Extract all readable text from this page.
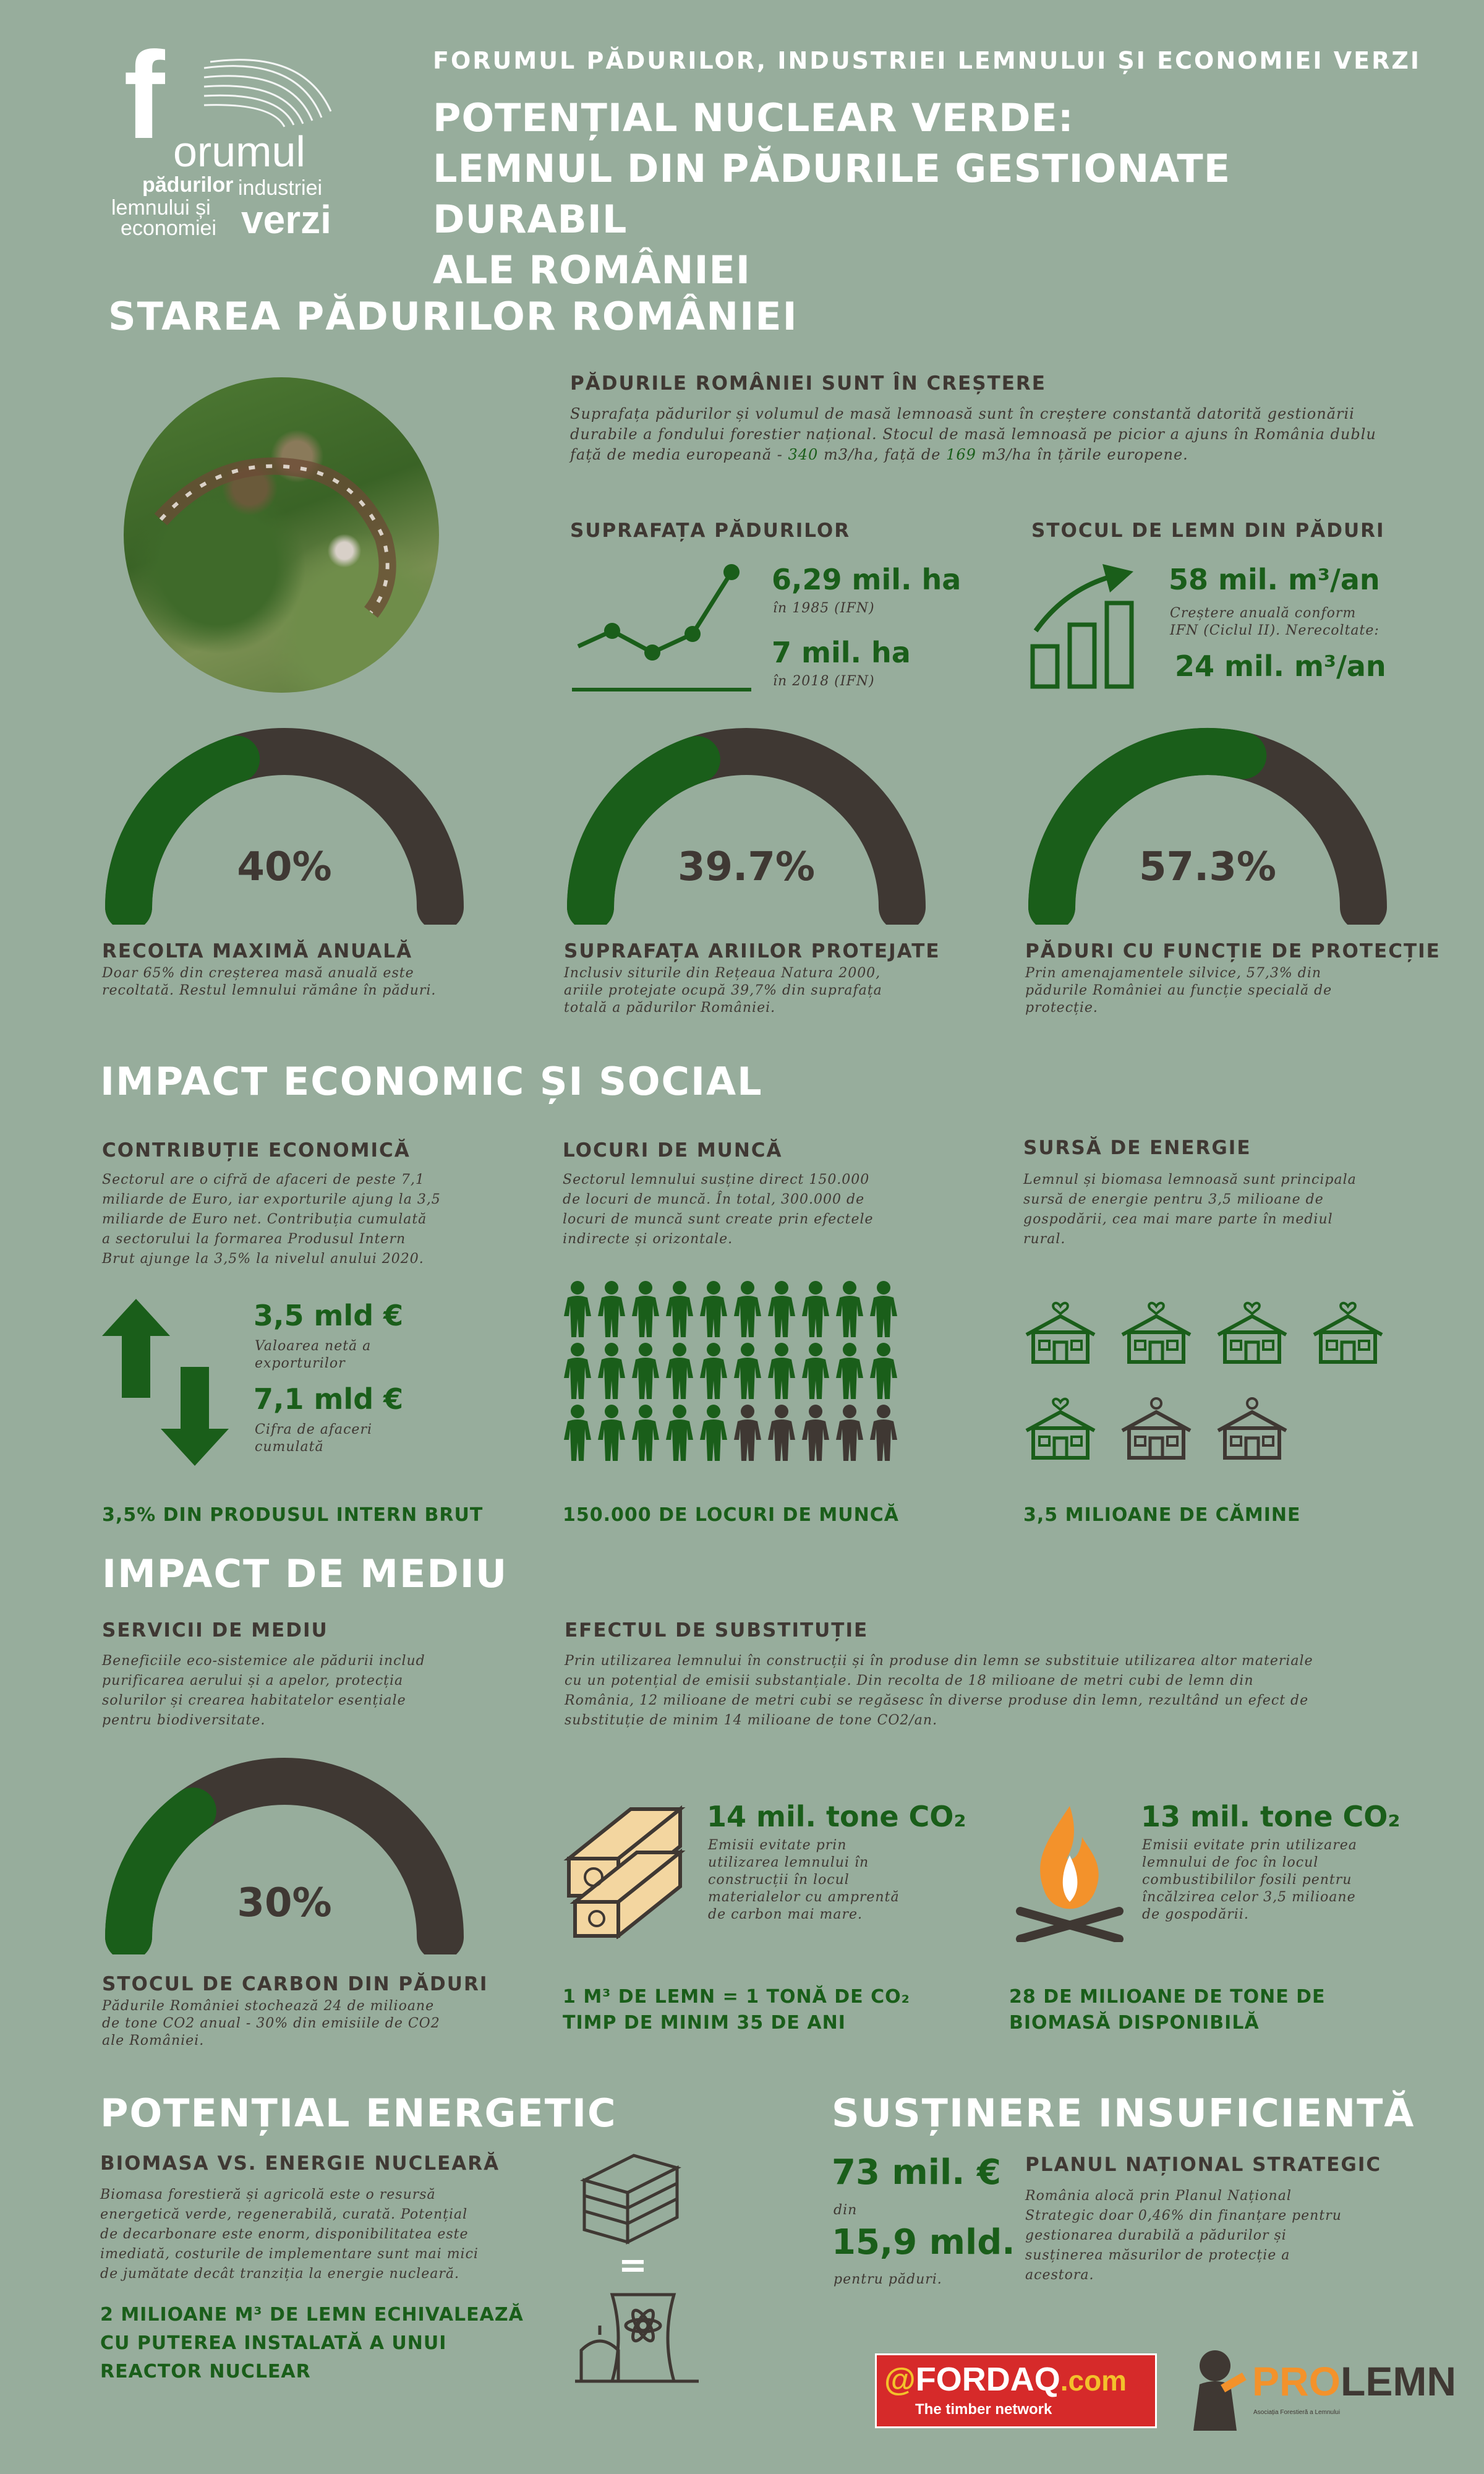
f orumul
pădurilor industriei
lemnului și
economiei verzi
FORUMUL PĂDURILOR, INDUSTRIEI LEMNULUI ȘI ECONOMIEI VERZI
POTENȚIAL NUCLEAR VERDE:
LEMNUL DIN PĂDURILE GESTIONATE DURABIL
ALE ROMÂNIEI
STAREA PĂDURILOR ROMÂNIEI
PĂDURILE ROMÂNIEI SUNT ÎN CREȘTERE
Suprafața pădurilor și volumul de masă lemnoasă sunt în creștere constantă datorită gestionării
durabile a fondului forestier național. Stocul de masă lemnoasă pe picior a ajuns în România dublu
față de media europeană - 340 m3/ha, față de 169 m3/ha în țările europene.
SUPRAFAȚA PĂDURILOR
6,29 mil. ha
în 1985 (IFN)
7 mil. ha
în 2018 (IFN)
STOCUL DE LEMN DIN PĂDURI
58 mil. m³/an
Creștere anuală conform
IFN (Ciclul II). Nerecoltate:
24 mil. m³/an
40%	39.7%	57.3%
RECOLTA MAXIMĂ ANUALĂ
Doar 65% din creșterea masă anuală este
recoltată. Restul lemnului rămâne în păduri.
SUPRAFAȚA ARIILOR PROTEJATE
Inclusiv siturile din Rețeaua Natura 2000,
ariile protejate ocupă 39,7% din suprafața
totală a pădurilor României.
PĂDURI CU FUNCȚIE DE PROTECȚIE
Prin amenajamentele silvice, 57,3% din
pădurile României au funcție specială de
protecție.
IMPACT ECONOMIC ȘI SOCIAL
CONTRIBUȚIE ECONOMICĂ
Sectorul are o cifră de afaceri de peste 7,1
miliarde de Euro, iar exporturile ajung la 3,5
miliarde de Euro net. Contribuția cumulată
a sectorului la formarea Produsul Intern
Brut ajunge la 3,5% la nivelul anului 2020.
3,5 mld €
Valoarea netă a
exporturilor
7,1 mld €
Cifra de afaceri
cumulată
3,5% DIN PRODUSUL INTERN BRUT
LOCURI DE MUNCĂ
Sectorul lemnului susține direct 150.000
de locuri de muncă. În total, 300.000 de
locuri de muncă sunt create prin efectele
indirecte și orizontale.
150.000 DE LOCURI DE MUNCĂ
SURSĂ DE ENERGIE
Lemnul și biomasa lemnoasă sunt principala
sursă de energie pentru 3,5 milioane de
gospodării, cea mai mare parte în mediul
rural.
3,5 MILIOANE DE CĂMINE
IMPACT DE MEDIU
SERVICII DE MEDIU
Beneficiile eco-sistemice ale pădurii includ
purificarea aerului și a apelor, protecția
solurilor și crearea habitatelor esențiale
pentru biodiversitate.
EFECTUL DE SUBSTITUȚIE
Prin utilizarea lemnului în construcții și în produse din lemn se substituie utilizarea altor materiale
cu un potențial de emisii substanțiale. Din recolta de 18 milioane de metri cubi de lemn din
România, 12 milioane de metri cubi se regăsesc în diverse produse din lemn, rezultând un efect de
substituție de minim 14 milioane de tone CO2/an.
30%
STOCUL DE CARBON DIN PĂDURI
Pădurile României stochează 24 de milioane
de tone CO2 anual - 30% din emisiile de CO2
ale României.
14 mil. tone CO₂
Emisii evitate prin
utilizarea lemnului în
construcții în locul
materialelor cu amprentă
de carbon mai mare.
1 M³ DE LEMN = 1 TONĂ DE CO₂
TIMP DE MINIM 35 DE ANI
13 mil. tone CO₂
Emisii evitate prin utilizarea
lemnului de foc în locul
combustibililor fosili pentru
încălzirea celor 3,5 milioane
de gospodării.
28 DE MILIOANE DE TONE DE
BIOMASĂ DISPONIBILĂ
POTENȚIAL ENERGETIC
BIOMASA VS. ENERGIE NUCLEARĂ
Biomasa forestieră și agricolă este o resursă
energetică verde, regenerabilă, curată. Potențial
de decarbonare este enorm, disponibilitatea este
imediată, costurile de implementare sunt mai mici
de jumătate decât tranziția la energie nucleară.
2 MILIOANE M³ DE LEMN ECHIVALEAZĂ
CU PUTEREA INSTALATĂ A UNUI
REACTOR NUCLEAR
=
SUSȚINERE INSUFICIENTĂ
73 mil. €
din
15,9 mld.
pentru păduri.
PLANUL NAȚIONAL STRATEGIC
România alocă prin Planul Național
Strategic doar 0,46% din finanțare pentru
gestionarea durabilă a pădurilor și
susținerea măsurilor de protecție a
acestora.
@FORDAQ.com
The timber network
PROLEMN
Asociația Forestieră a Lemnului
